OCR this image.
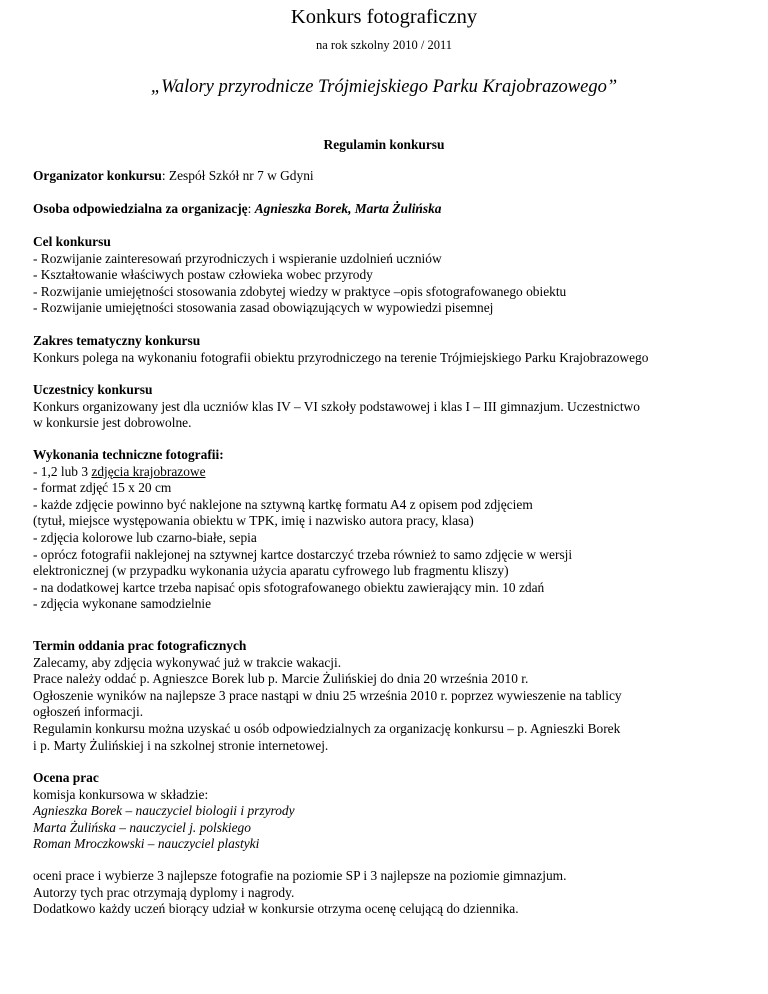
Konkurs fotograficzny
na rok szkolny 2010 / 2011
„Walory przyrodnicze Trójmiejskiego Parku Krajobrazowego”
Regulamin konkursu
Organizator konkursu: Zespół Szkół nr 7 w Gdyni
Osoba odpowiedzialna za organizację: Agnieszka Borek, Marta Żulińska
Cel konkursu
- Rozwijanie zainteresowań przyrodniczych i wspieranie uzdolnień uczniów
- Kształtowanie właściwych postaw człowieka wobec przyrody
- Rozwijanie umiejętności stosowania zdobytej wiedzy w praktyce –opis sfotografowanego obiektu
- Rozwijanie umiejętności stosowania zasad obowiązujących w wypowiedzi pisemnej
Zakres tematyczny konkursu
Konkurs polega na wykonaniu fotografii obiektu przyrodniczego na terenie Trójmiejskiego Parku Krajobrazowego
Uczestnicy konkursu
Konkurs organizowany jest dla uczniów klas IV – VI szkoły podstawowej i klas I – III gimnazjum. Uczestnictwo
w konkursie jest dobrowolne.
Wykonania techniczne fotografii:
- 1,2 lub 3 zdjęcia krajobrazowe
- format zdjęć 15 x 20 cm
- każde zdjęcie powinno być naklejone na sztywną kartkę formatu A4 z opisem pod zdjęciem
(tytuł, miejsce występowania obiektu w TPK, imię i nazwisko autora pracy, klasa)
- zdjęcia kolorowe lub czarno-białe, sepia
- oprócz fotografii naklejonej na sztywnej kartce dostarczyć trzeba również to samo zdjęcie w wersji
elektronicznej (w przypadku wykonania użycia aparatu cyfrowego lub fragmentu kliszy)
- na dodatkowej kartce trzeba napisać opis sfotografowanego obiektu zawierający min. 10 zdań
- zdjęcia wykonane samodzielnie
Termin oddania prac fotograficznych
Zalecamy, aby zdjęcia wykonywać już w trakcie wakacji.
Prace należy oddać p. Agnieszce Borek lub p. Marcie Żulińskiej do dnia 20 września 2010 r.
Ogłoszenie wyników na najlepsze 3 prace nastąpi w dniu 25 września 2010 r. poprzez wywieszenie na tablicy
ogłoszeń informacji.
Regulamin konkursu można uzyskać u osób odpowiedzialnych za organizację konkursu – p. Agnieszki Borek
i p. Marty Żulińskiej i na szkolnej stronie internetowej.
Ocena prac
komisja konkursowa w składzie:
Agnieszka Borek – nauczyciel biologii i przyrody
Marta Żulińska – nauczyciel j. polskiego
Roman Mroczkowski – nauczyciel plastyki
oceni prace i wybierze 3 najlepsze fotografie na poziomie SP i 3 najlepsze na poziomie gimnazjum.
Autorzy tych prac otrzymają dyplomy i nagrody.
Dodatkowo każdy uczeń biorący udział w konkursie otrzyma ocenę celującą do dziennika.
